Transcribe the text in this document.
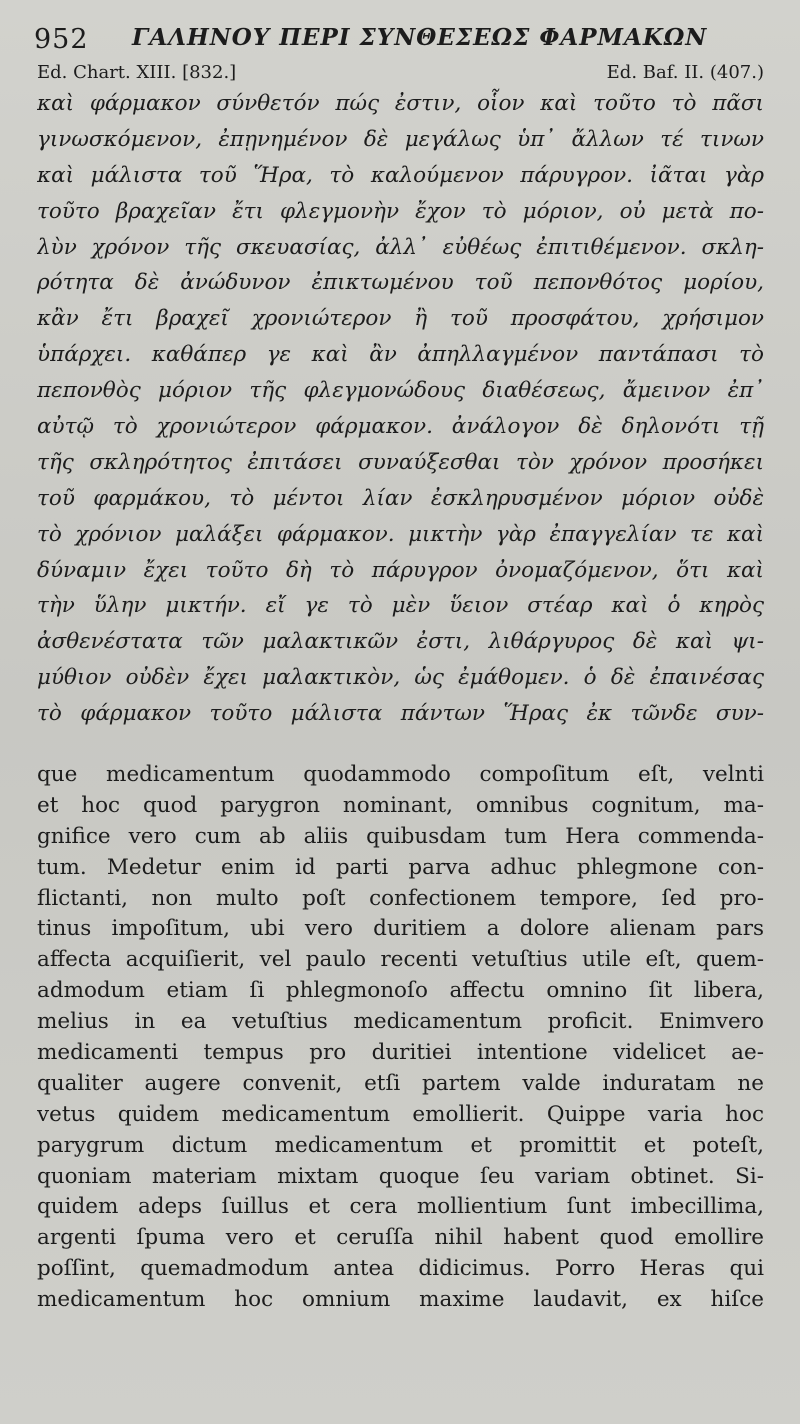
952 ΓΑΛΗΝΟΥ ΠΕΡΙ ΣΥΝΘΕΣΕΩΣ ΦΑΡΜΑΚΩΝ
Ed. Chart. XIII. [832.]	Ed. Baf. II. (407.)
καὶ φάρμακον σύνθετόν πώς ἐστιν, οἷον καὶ τοῦτο τὸ πᾶσι
γινωσκόμενον, ἐπῃνημένον δὲ μεγάλως ὑπ᾽ ἄλλων τέ τινων
καὶ μάλιστα τοῦ Ἥρα, τὸ καλούμενον πάρυγρον. ἰᾶται γὰρ
τοῦτο βραχεῖαν ἔτι φλεγμονὴν ἔχον τὸ μόριον, οὐ μετὰ πο-
λὺν χρόνον τῆς σκευασίας, ἀλλ᾽ εὐθέως ἐπιτιθέμενον. σκλη-
ρότητα δὲ ἀνώδυνον ἐπικτωμένου τοῦ πεπονθότος μορίου,
κἂν ἔτι βραχεῖ χρονιώτερον ἢ τοῦ προσφάτου, χρήσιμον
ὑπάρχει. καθάπερ γε καὶ ἂν ἀπηλλαγμένον παντάπασι τὸ
πεπονθὸς μόριον τῆς φλεγμονώδους διαθέσεως, ἄμεινον ἐπ᾽
αὐτῷ τὸ χρονιώτερον φάρμακον. ἀνάλογον δὲ δηλονότι τῇ
τῆς σκληρότητος ἐπιτάσει συναύξεσθαι τὸν χρόνον προσήκει
τοῦ φαρμάκου, τὸ μέντοι λίαν ἐσκληρυσμένον μόριον οὐδὲ
τὸ χρόνιον μαλάξει φάρμακον. μικτὴν γὰρ ἐπαγγελίαν τε καὶ
δύναμιν ἔχει τοῦτο δὴ τὸ πάρυγρον ὀνομαζόμενον, ὅτι καὶ
τὴν ὕλην μικτήν. εἴ γε τὸ μὲν ὕειον στέαρ καὶ ὁ κηρὸς
ἀσθενέστατα τῶν μαλακτικῶν ἐστι, λιθάργυρος δὲ καὶ ψι-
μύθιον οὐδὲν ἔχει μαλακτικὸν, ὡς ἐμάθομεν. ὁ δὲ ἐπαινέσας
τὸ φάρμακον τοῦτο μάλιστα πάντων Ἥρας ἐκ τῶνδε συν-
que medicamentum quodammodo compoſitum eſt, velnti
et hoc quod parygron nominant, omnibus cognitum, ma-
gnifice vero cum ab aliis quibusdam tum Hera commenda-
tum. Medetur enim id parti parva adhuc phlegmone con-
flictanti, non multo poſt confectionem tempore, ſed pro-
tinus impoſitum, ubi vero duritiem a dolore alienam pars
affecta acquiſierit, vel paulo recenti vetuſtius utile eſt, quem-
admodum etiam ſi phlegmonoſo affectu omnino ſit libera,
melius in ea vetuſtius medicamentum proficit. Enimvero
medicamenti tempus pro duritiei intentione videlicet ae-
qualiter augere convenit, etſi partem valde induratam ne
vetus quidem medicamentum emollierit. Quippe varia hoc
parygrum dictum medicamentum et promittit et poteſt,
quoniam materiam mixtam quoque ſeu variam obtinet. Si-
quidem adeps ſuillus et cera mollientium ſunt imbecillima,
argenti ſpuma vero et ceruſſa nihil habent quod emollire
poſſint, quemadmodum antea didicimus. Porro Heras qui
medicamentum hoc omnium maxime laudavit, ex hiſce
